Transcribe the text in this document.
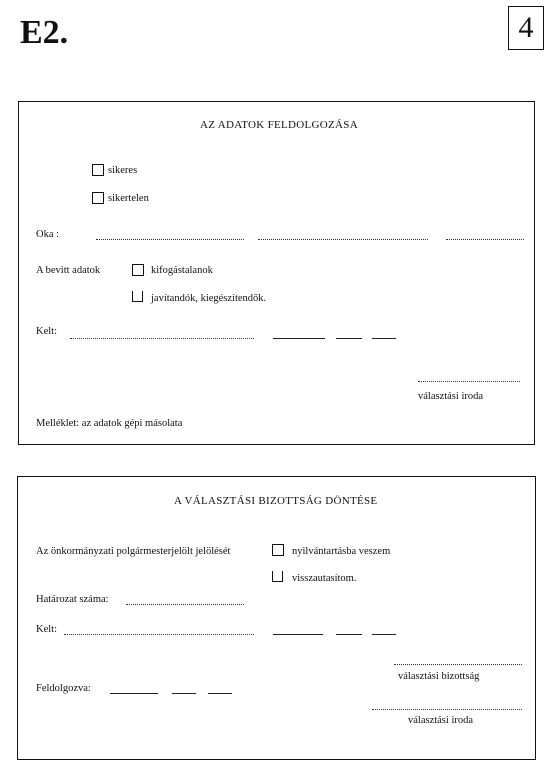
E2.	4
AZ ADATOK FELDOLGOZÁSA
sikeres
sikertelen
Oka :
A bevitt adatok	kifogástalanok
javítandók, kiegészítendők.
Kelt:
választási iroda
Melléklet: az adatok gépi másolata
A VÁLASZTÁSI BIZOTTSÁG DÖNTÉSE
Az önkormányzati polgármesterjelölt jelölését	nyilvántartásba veszem
visszautasítom.
Határozat száma:
Kelt:
választási bizottság
Feldolgozva:
választási iroda
